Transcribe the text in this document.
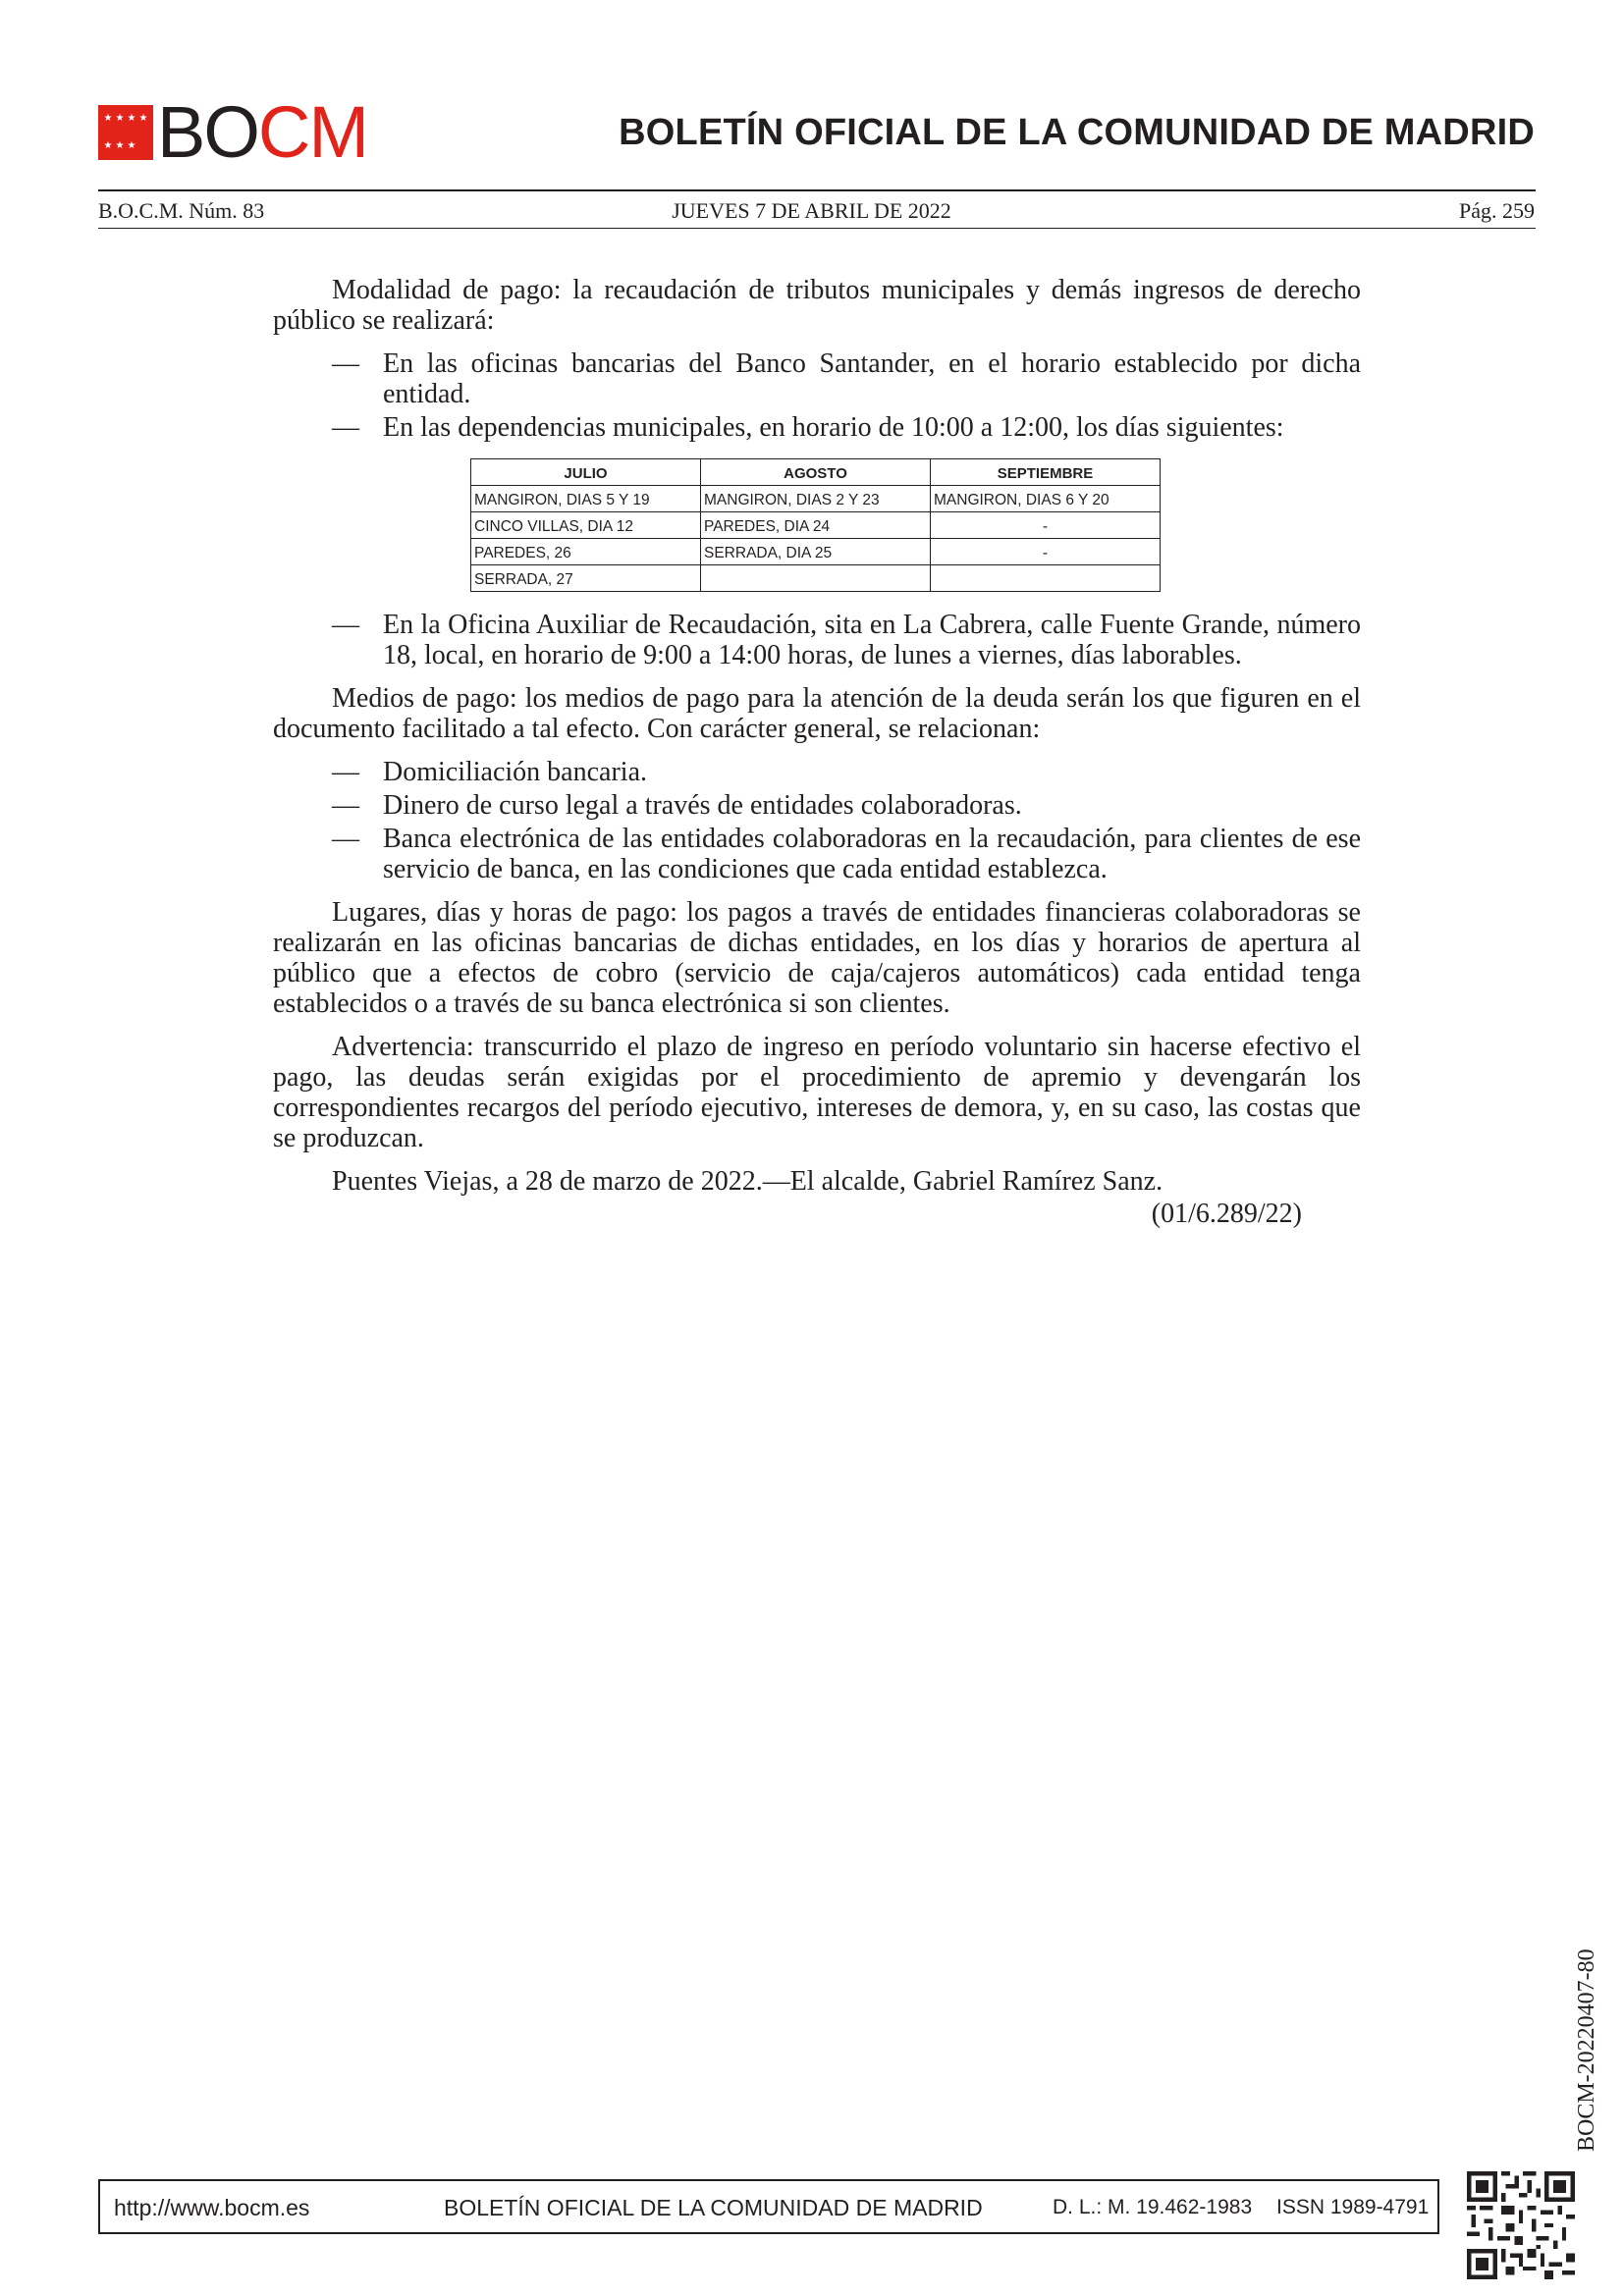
★ ★ ★ ★
★ ★ ★ BOCM	BOLETÍN OFICIAL DE LA COMUNIDAD DE MADRID
B.O.C.M. Núm. 83	JUEVES 7 DE ABRIL DE 2022	Pág. 259

Modalidad de pago: la recaudación de tributos municipales y demás ingresos de derecho público se realizará:

— En las oficinas bancarias del Banco Santander, en el horario establecido por dicha entidad.
— En las dependencias municipales, en horario de 10:00 a 12:00, los días siguientes:
JULIO	AGOSTO	SEPTIEMBRE
MANGIRON, DIAS 5 Y 19	MANGIRON, DIAS 2 Y 23	MANGIRON, DIAS 6 Y 20
CINCO VILLAS, DIA 12	PAREDES, DIA 24	-
PAREDES, 26	SERRADA, DIA 25	-
SERRADA, 27		
— En la Oficina Auxiliar de Recaudación, sita en La Cabrera, calle Fuente Grande, número 18, local, en horario de 9:00 a 14:00 horas, de lunes a viernes, días laborables.

Medios de pago: los medios de pago para la atención de la deuda serán los que figuren en el documento facilitado a tal efecto. Con carácter general, se relacionan:

— Domiciliación bancaria.
— Dinero de curso legal a través de entidades colaboradoras.
— Banca electrónica de las entidades colaboradoras en la recaudación, para clientes de ese servicio de banca, en las condiciones que cada entidad establezca.

Lugares, días y horas de pago: los pagos a través de entidades financieras colaboradoras se realizarán en las oficinas bancarias de dichas entidades, en los días y horarios de apertura al público que a efectos de cobro (servicio de caja/cajeros automáticos) cada entidad tenga establecidos o a través de su banca electrónica si son clientes.

Advertencia: transcurrido el plazo de ingreso en período voluntario sin hacerse efectivo el pago, las deudas serán exigidas por el procedimiento de apremio y devengarán los correspondientes recargos del período ejecutivo, intereses de demora, y, en su caso, las costas que se produzcan.

Puentes Viejas, a 28 de marzo de 2022.—El alcalde, Gabriel Ramírez Sanz.

(01/6.289/22)
BOCM-20220407-80
http://www.bocm.es	BOLETÍN OFICIAL DE LA COMUNIDAD DE MADRID	D. L.: M. 19.462-1983 ISSN 1989-4791
